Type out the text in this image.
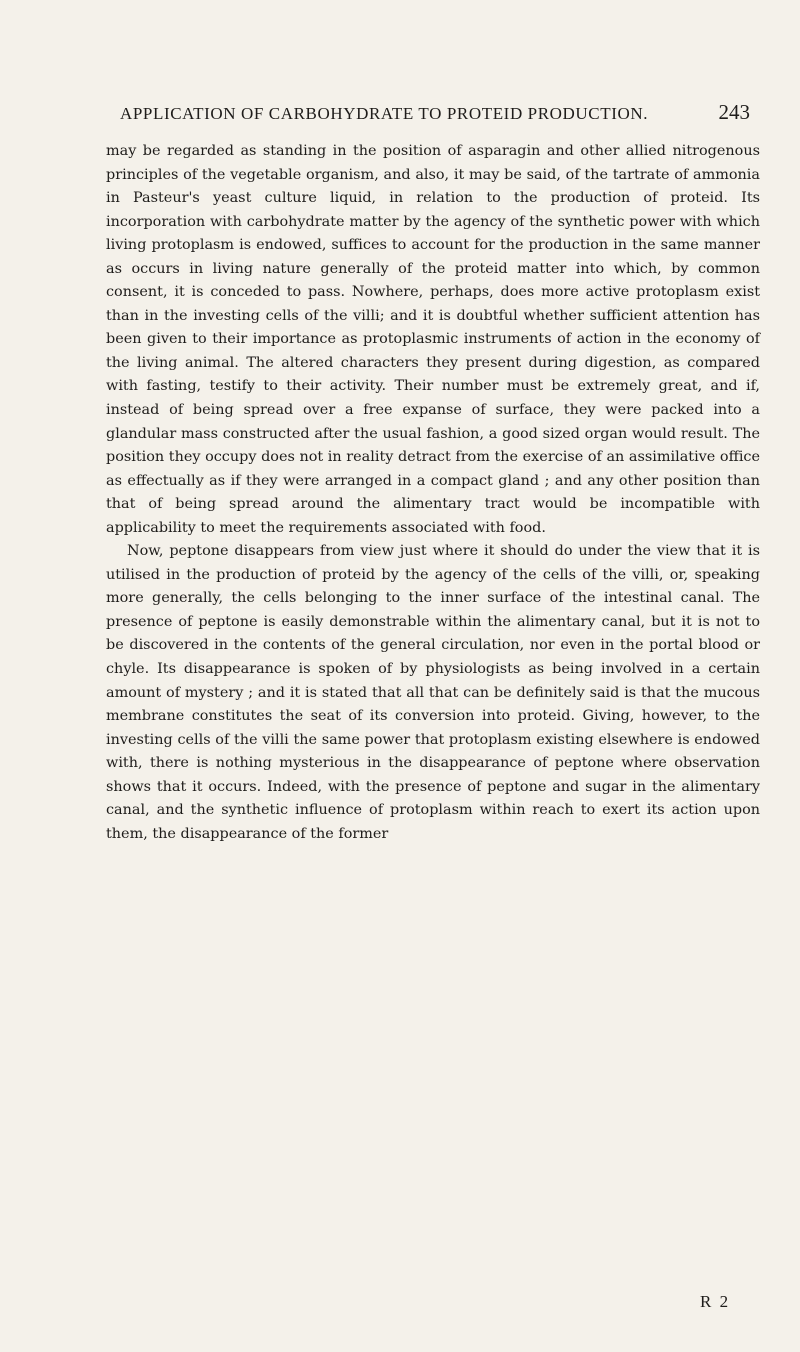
APPLICATION OF CARBOHYDRATE TO PROTEID PRODUCTION.	243

may be regarded as standing in the position of asparagin and other allied nitrogenous principles of the vegetable organism, and also, it may be said, of the tartrate of ammonia in Pasteur's yeast culture liquid, in relation to the production of proteid. Its incorporation with carbohydrate matter by the agency of the synthetic power with which living protoplasm is endowed, suffices to account for the production in the same manner as occurs in living nature generally of the proteid matter into which, by common consent, it is conceded to pass. Nowhere, perhaps, does more active protoplasm exist than in the investing cells of the villi; and it is doubtful whether sufficient attention has been given to their importance as protoplasmic instruments of action in the economy of the living animal. The altered characters they present during digestion, as compared with fasting, testify to their activity. Their number must be extremely great, and if, instead of being spread over a free expanse of surface, they were packed into a glandular mass constructed after the usual fashion, a good sized organ would result. The position they occupy does not in reality detract from the exercise of an assimilative office as effectually as if they were arranged in a compact gland ; and any other position than that of being spread around the alimentary tract would be incompatible with applicability to meet the requirements associated with food.

Now, peptone disappears from view just where it should do under the view that it is utilised in the production of proteid by the agency of the cells of the villi, or, speaking more generally, the cells belonging to the inner surface of the intestinal canal. The presence of peptone is easily demonstrable within the alimentary canal, but it is not to be discovered in the contents of the general circulation, nor even in the portal blood or chyle. Its disappearance is spoken of by physiologists as being involved in a certain amount of mystery ; and it is stated that all that can be definitely said is that the mucous membrane constitutes the seat of its conversion into proteid. Giving, however, to the investing cells of the villi the same power that protoplasm existing elsewhere is endowed with, there is nothing mysterious in the disappearance of peptone where observation shows that it occurs. Indeed, with the presence of peptone and sugar in the alimentary canal, and the synthetic influence of protoplasm within reach to exert its action upon them, the disappearance of the former

R 2
